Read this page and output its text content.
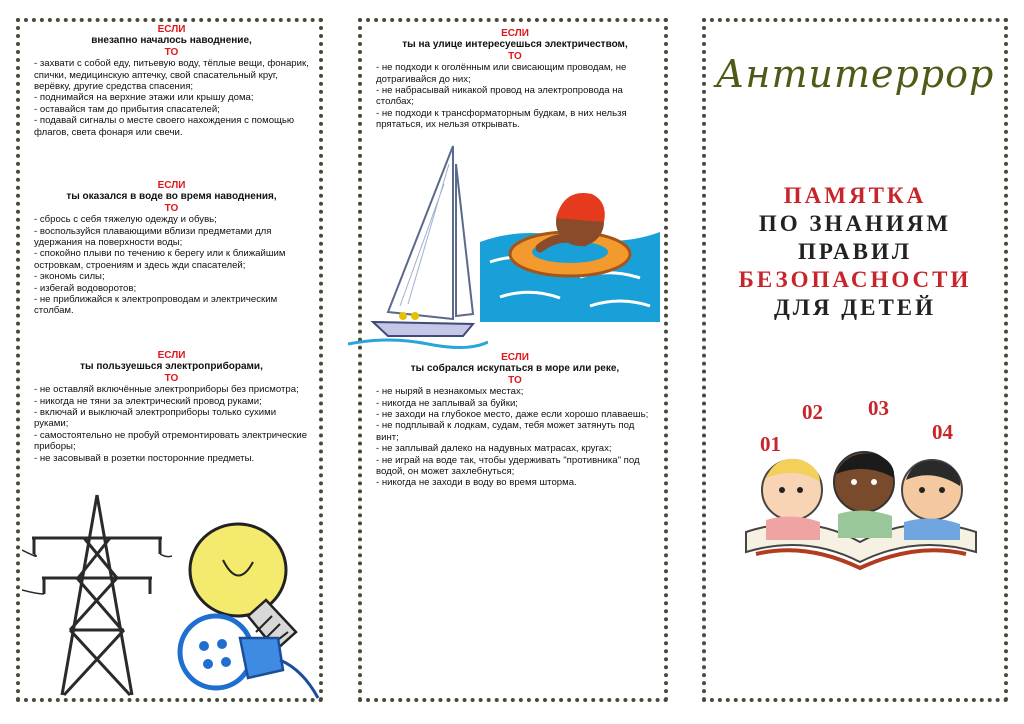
ЕСЛИ
внезапно началось наводнение,
ТО
- захвати с собой еду, питьевую воду, тёплые вещи, фонарик, спички, медицинскую аптечку, свой спасательный круг, верёвку, другие средства спасения;
- поднимайся на верхние этажи или крышу дома;
- оставайся там до прибытия спасателей;
- подавай сигналы о месте своего нахождения с помощью флагов, света фонаря или свечи.
ЕСЛИ
ты оказался в воде во время наводнения,
ТО
- сбрось с себя тяжелую одежду и обувь;
- воспользуйся плавающими вблизи предметами для удержания на поверхности воды;
- спокойно плыви по течению к берегу или к ближайшим островкам, строениям и здесь жди спасателей;
- экономь силы;
- избегай водоворотов;
- не приближайся к электропроводам и электрическим столбам.
ЕСЛИ
ты пользуешься электроприборами,
ТО
- не оставляй включённые электроприборы без присмотра;
- никогда не тяни за электрический провод руками;
- включай и выключай электроприборы только сухими руками;
- самостоятельно не пробуй отремонтировать электрические приборы;
- не засовывай в розетки посторонние предметы.
ЕСЛИ
ты на улице интересуешься электричеством,
ТО
- не подходи к оголённым или свисающим проводам, не дотрагивайся до них;
- не набрасывай никакой провод на электропровода на столбах;
- не подходи к трансформаторным будкам, в них нельзя прятаться, их нельзя открывать.
ЕСЛИ
ты собрался искупаться в море или реке,
ТО
- не ныряй в незнакомых местах;
- никогда не заплывай за буйки;
- не заходи на глубокое место, даже если хорошо плаваешь;
- не подплывай к лодкам, судам, тебя может затянуть под винт;
- не заплывай далеко на надувных матрасах, кругах;
- не играй на воде так, чтобы удерживать "противника" под водой, он может захлебнуться;
- никогда не заходи в воду во время шторма.
Антитеррор
ПАМЯТКА
ПО ЗНАНИЯМ
ПРАВИЛ
БЕЗОПАСНОСТИ
ДЛЯ ДЕТЕЙ
01
02 03
04
